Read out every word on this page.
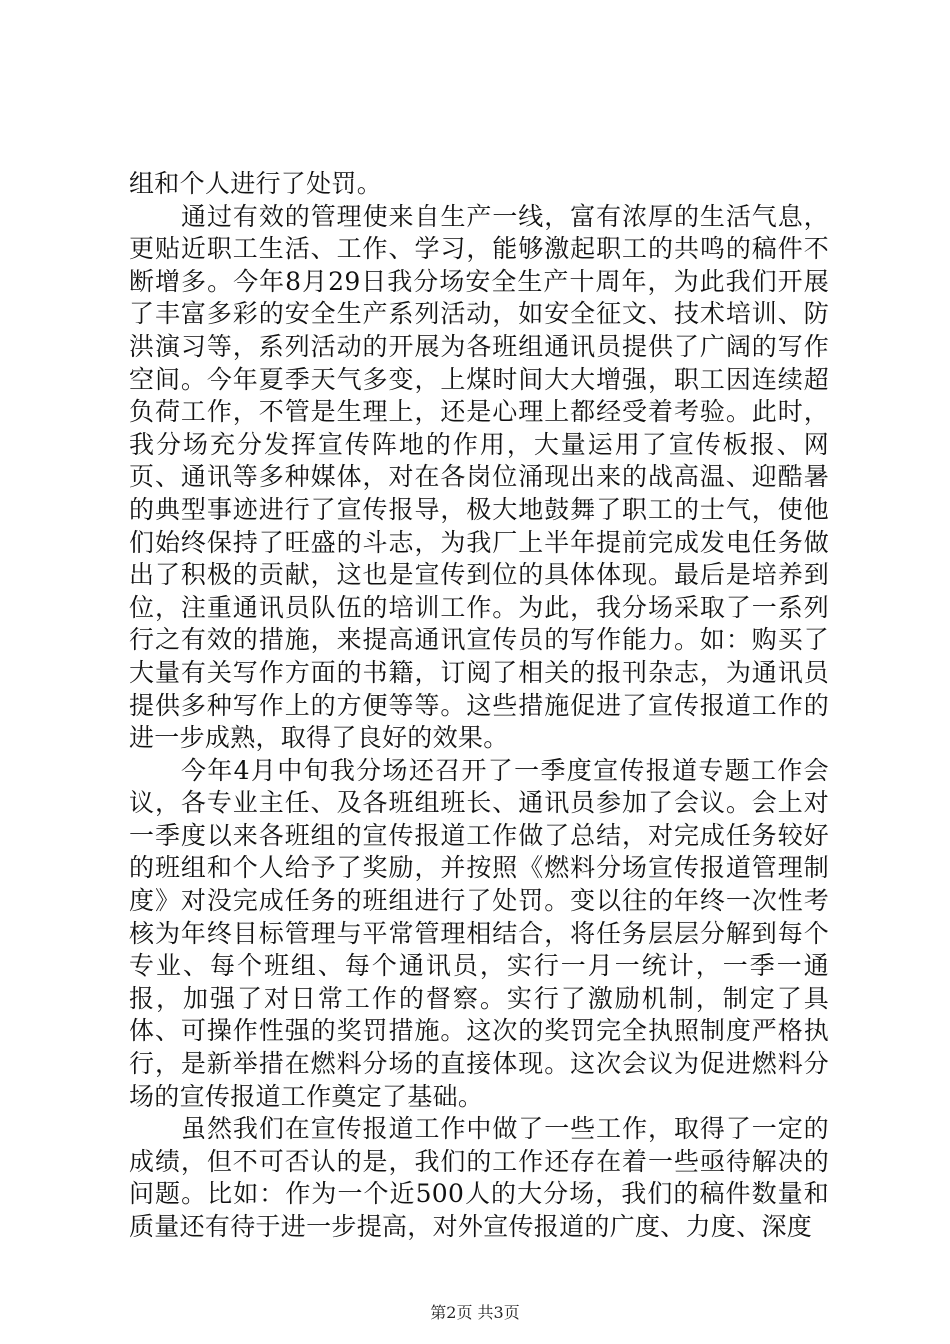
组和个人进行了处罚。

通过有效的管理使来自生产一线，富有浓厚的生活气息，更贴近职工生活、工作、学习，能够激起职工的共鸣的稿件不断增多。今年8月29日我分场安全生产十周年，为此我们开展了丰富多彩的安全生产系列活动，如安全征文、技术培训、防洪演习等，系列活动的开展为各班组通讯员提供了广阔的写作空间。今年夏季天气多变，上煤时间大大增强，职工因连续超负荷工作，不管是生理上，还是心理上都经受着考验。此时，我分场充分发挥宣传阵地的作用，大量运用了宣传板报、网页、通讯等多种媒体，对在各岗位涌现出来的战高温、迎酷暑的典型事迹进行了宣传报导，极大地鼓舞了职工的士气，使他们始终保持了旺盛的斗志，为我厂上半年提前完成发电任务做出了积极的贡献，这也是宣传到位的具体体现。最后是培养到位，注重通讯员队伍的培训工作。为此，我分场采取了一系列行之有效的措施，来提高通讯宣传员的写作能力。如：购买了大量有关写作方面的书籍，订阅了相关的报刊杂志，为通讯员提供多种写作上的方便等等。这些措施促进了宣传报道工作的进一步成熟，取得了良好的效果。

今年4月中旬我分场还召开了一季度宣传报道专题工作会议，各专业主任、及各班组班长、通讯员参加了会议。会上对一季度以来各班组的宣传报道工作做了总结，对完成任务较好的班组和个人给予了奖励，并按照《燃料分场宣传报道管理制度》对没完成任务的班组进行了处罚。变以往的年终一次性考核为年终目标管理与平常管理相结合，将任务层层分解到每个专业、每个班组、每个通讯员，实行一月一统计，一季一通报，加强了对日常工作的督察。实行了激励机制，制定了具体、可操作性强的奖罚措施。这次的奖罚完全执照制度严格执行，是新举措在燃料分场的直接体现。这次会议为促进燃料分场的宣传报道工作奠定了基础。

虽然我们在宣传报道工作中做了一些工作，取得了一定的成绩，但不可否认的是，我们的工作还存在着一些亟待解决的问题。比如：作为一个近500人的大分场，我们的稿件数量和质量还有待于进一步提高，对外宣传报道的广度、力度、深度

第2页 共3页
